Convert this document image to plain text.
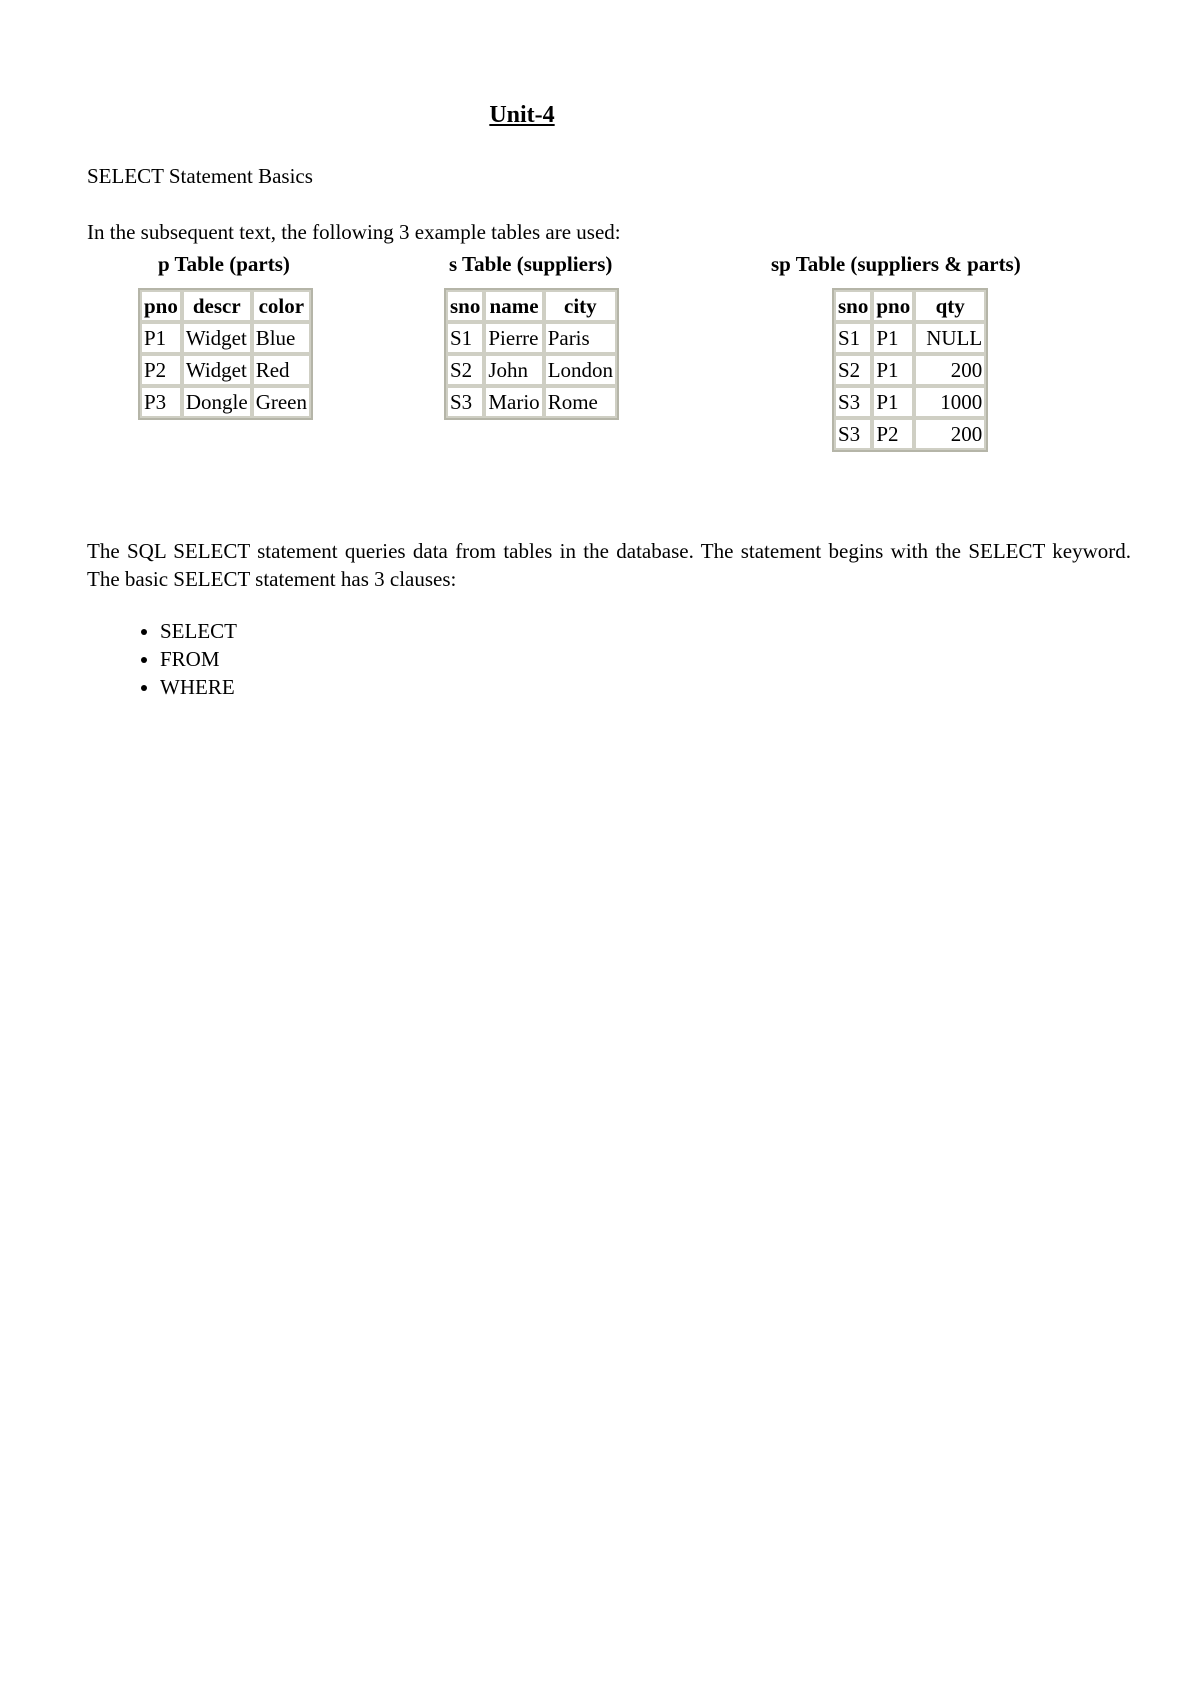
Unit-4
SELECT Statement Basics
In the subsequent text, the following 3 example tables are used:
p Table (parts)
pno	descr	color
P1	Widget	Blue
P2	Widget	Red
P3	Dongle	Green
s Table (suppliers)
sno	name	city
S1	Pierre	Paris
S2	John	London
S3	Mario	Rome
sp Table (suppliers & parts)
sno	pno	qty
S1	P1	NULL
S2	P1	200
S3	P1	1000
S3	P2	200
The SQL SELECT statement queries data from tables in the database. The statement begins with the SELECT keyword. The basic SELECT statement has 3 clauses:
• SELECT
• FROM
• WHERE
